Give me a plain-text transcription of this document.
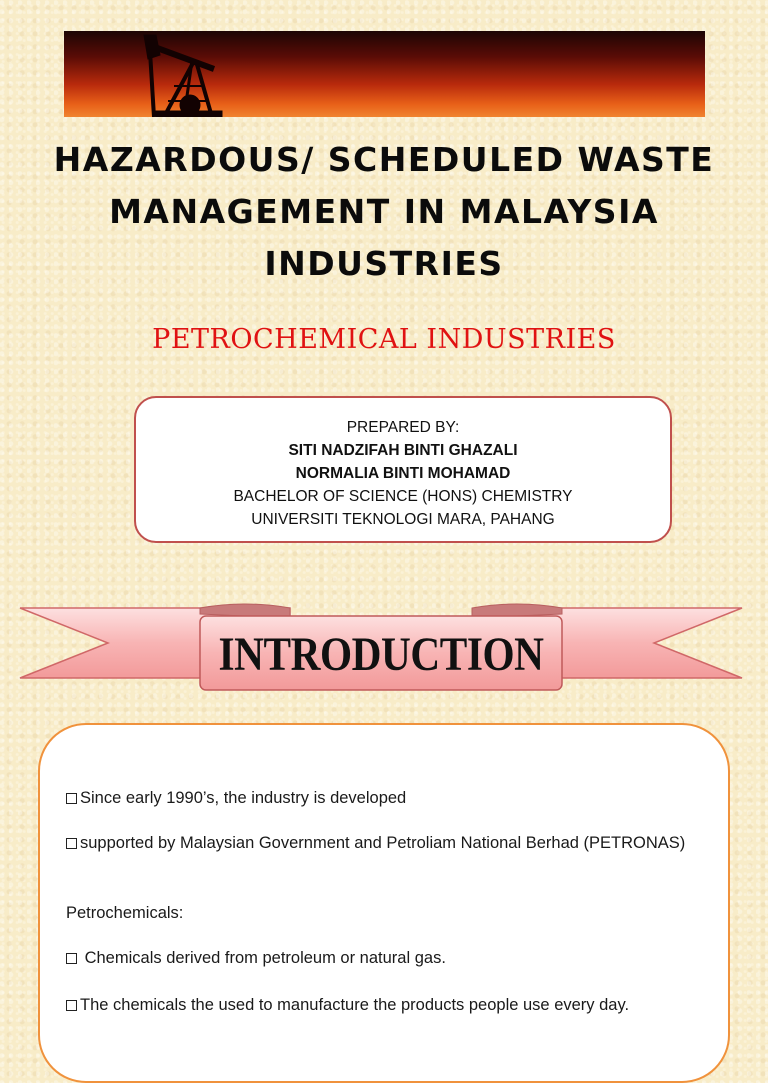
HAZARDOUS/ SCHEDULED WASTE
MANAGEMENT IN MALAYSIA
INDUSTRIES
PETROCHEMICAL INDUSTRIES
PREPARED BY:
SITI NADZIFAH BINTI GHAZALI
NORMALIA BINTI MOHAMAD
BACHELOR OF SCIENCE (HONS) CHEMISTRY
UNIVERSITI TEKNOLOGI MARA, PAHANG
INTRODUCTION

Since early 1990’s, the industry is developed

supported by Malaysian Government and Petroliam National Berhad (PETRONAS)

Petrochemicals:

Chemicals derived from petroleum or natural gas.

The chemicals the used to manufacture the products people use every day.
